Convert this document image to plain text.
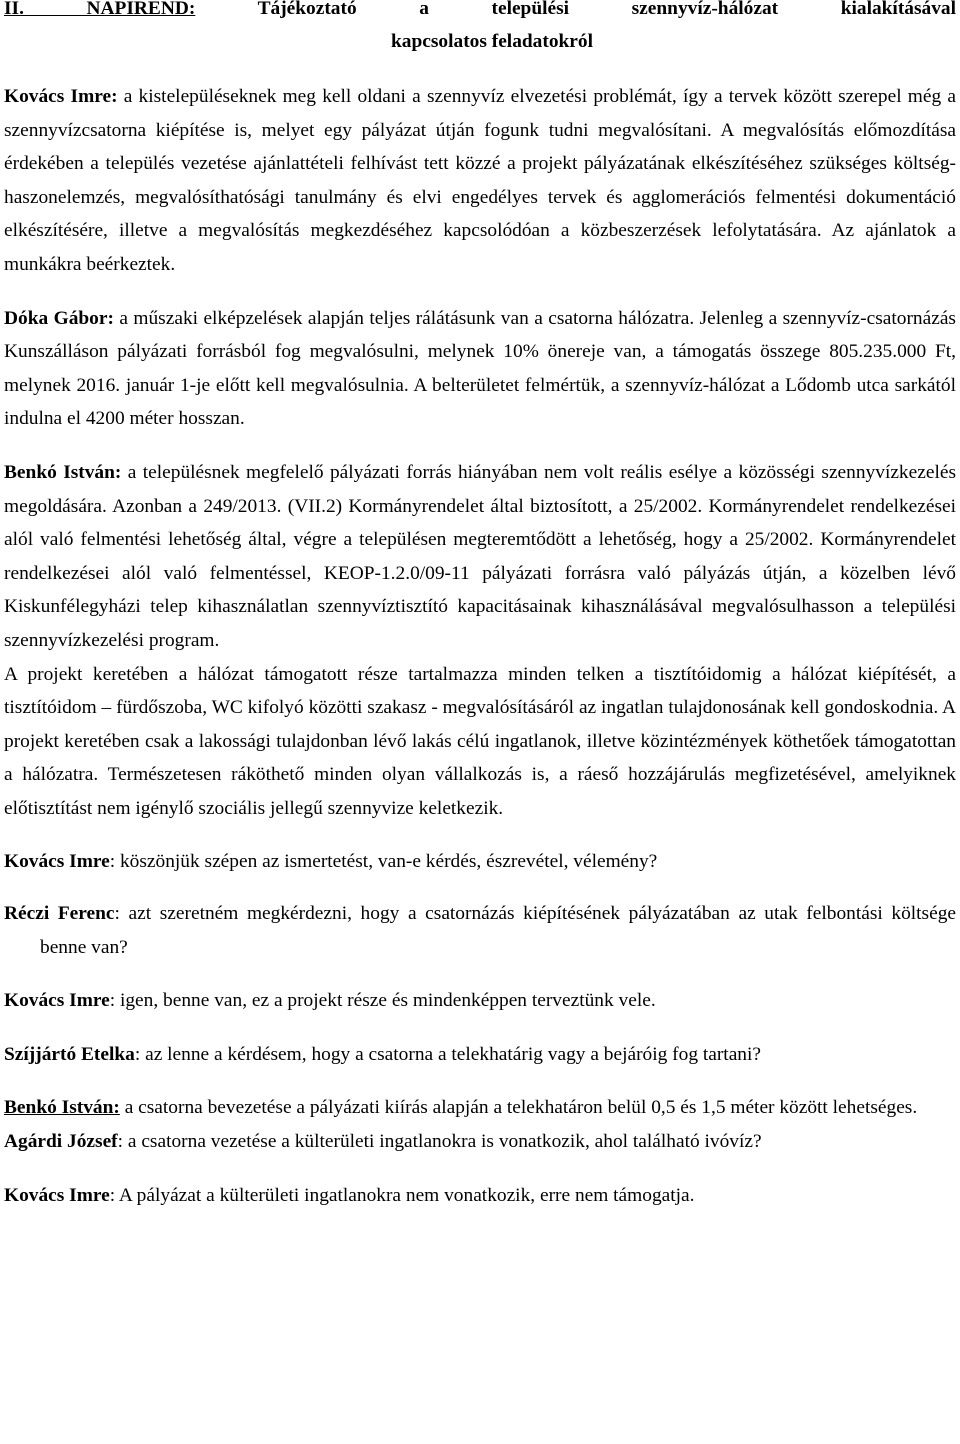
II. NAPIREND:	Tájékoztató a települési szennyvíz-hálózat kialakításával

kapcsolatos feladatokról

Kovács Imre: a kistelepüléseknek meg kell oldani a szennyvíz elvezetési problémát, így a tervek között szerepel még a szennyvízcsatorna kiépítése is, melyet egy pályázat útján fogunk tudni megvalósítani. A megvalósítás előmozdítása érdekében a település vezetése ajánlattételi felhívást tett közzé a projekt pályázatának elkészítéséhez szükséges költség-haszonelemzés, megvalósíthatósági tanulmány és elvi engedélyes tervek és agglomerációs felmentési dokumentáció elkészítésére, illetve a megvalósítás megkezdéséhez kapcsolódóan a közbeszerzések lefolytatására. Az ajánlatok a munkákra beérkeztek.

Dóka Gábor: a műszaki elképzelések alapján teljes rálátásunk van a csatorna hálózatra. Jelenleg a szennyvíz-csatornázás Kunszálláson pályázati forrásból fog megvalósulni, melynek 10% önereje van, a támogatás összege 805.235.000 Ft, melynek 2016. január 1-je előtt kell megvalósulnia. A belterületet felmértük, a szennyvíz-hálózat a Lődomb utca sarkától indulna el 4200 méter hosszan.

Benkó István: a településnek megfelelő pályázati forrás hiányában nem volt reális esélye a közösségi szennyvízkezelés megoldására. Azonban a 249/2013. (VII.2) Kormányrendelet által biztosított, a 25/2002. Kormányrendelet rendelkezései alól való felmentési lehetőség által, végre a településen megteremtődött a lehetőség, hogy a 25/2002. Kormányrendelet rendelkezései alól való felmentéssel, KEOP-1.2.0/09-11 pályázati forrásra való pályázás útján, a közelben lévő Kiskunfélegyházi telep kihasználatlan szennyvíztisztító kapacitásainak kihasználásával megvalósulhasson a települési szennyvízkezelési program.

A projekt keretében a hálózat támogatott része tartalmazza minden telken a tisztítóidomig a hálózat kiépítését, a tisztítóidom – fürdőszoba, WC kifolyó közötti szakasz - megvalósításáról az ingatlan tulajdonosának kell gondoskodnia. A projekt keretében csak a lakossági tulajdonban lévő lakás célú ingatlanok, illetve közintézmények köthetőek támogatottan a hálózatra. Természetesen ráköthető minden olyan vállalkozás is, a ráeső hozzájárulás megfizetésével, amelyiknek előtisztítást nem igénylő szociális jellegű szennyvize keletkezik.

Kovács Imre: köszönjük szépen az ismertetést, van-e kérdés, észrevétel, vélemény?

Réczi Ferenc: azt szeretném megkérdezni, hogy a csatornázás kiépítésének pályázatában az utak felbontási költsége benne van?

Kovács Imre: igen, benne van, ez a projekt része és mindenképpen terveztünk vele.

Szíjjártó Etelka: az lenne a kérdésem, hogy a csatorna a telekhatárig vagy a bejáróig fog tartani?

Benkó István: a csatorna bevezetése a pályázati kiírás alapján a telekhatáron belül 0,5 és 1,5 méter között lehetséges.

Agárdi József: a csatorna vezetése a külterületi ingatlanokra is vonatkozik, ahol található ivóvíz?

Kovács Imre: A pályázat a külterületi ingatlanokra nem vonatkozik, erre nem támogatja.
